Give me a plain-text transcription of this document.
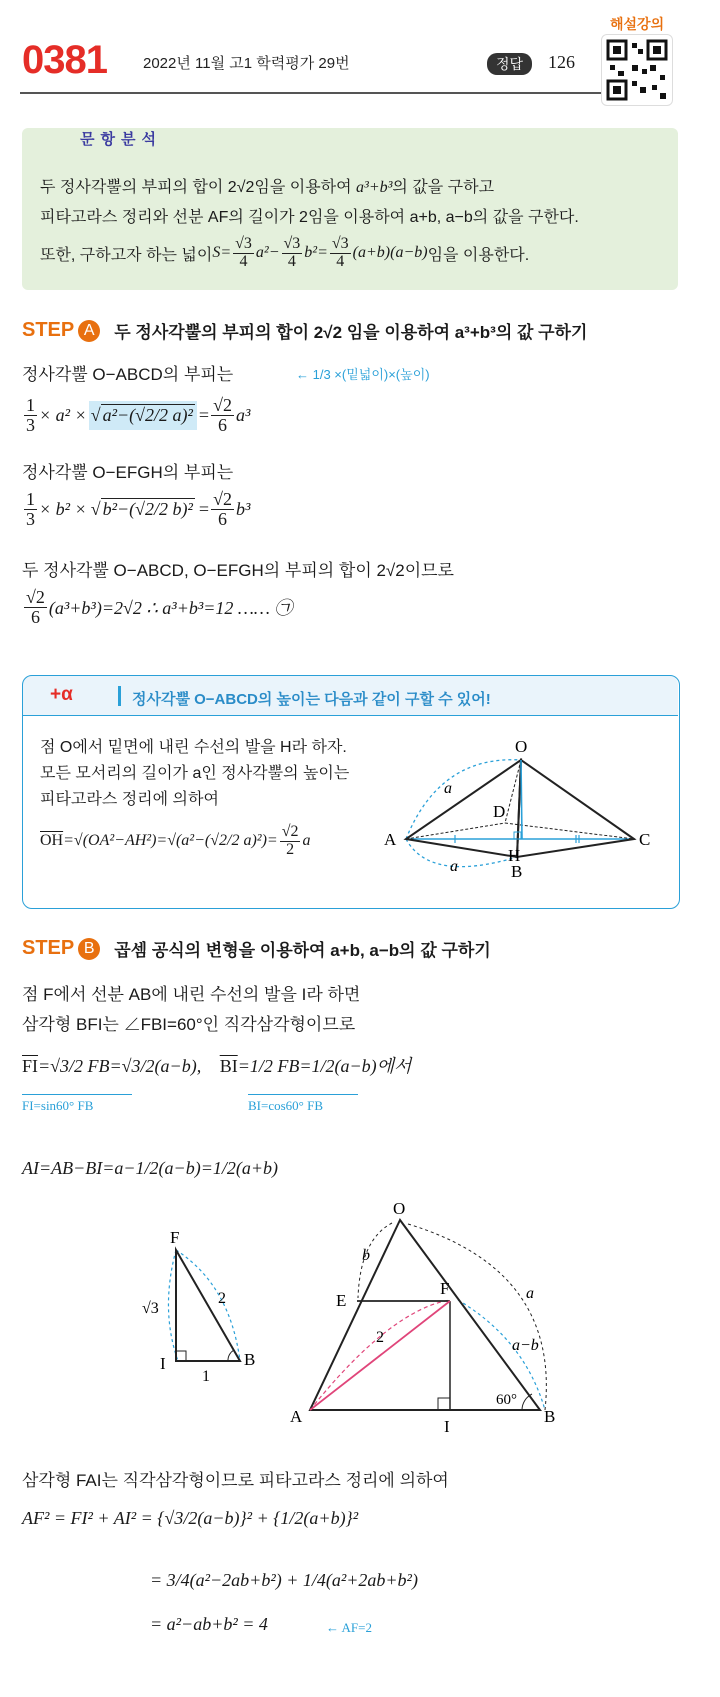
0381 2022년 11월 고1 학력평가 29번	정답	126
해설강의
문항분석
두 정사각뿔의 부피의 합이 2√2임을 이용하여 a³+b³의 값을 구하고
피타고라스 정리와 선분 AF의 길이가 2임을 이용하여 a+b, a−b의 값을 구한다.
또한, 구하고자 하는 넓이 $S= \frac{√3}{4} a^2- \frac{√3}{4} b^2= \frac{√3}{4} (a+b)(a-b)$ 임을 이용한다.
STEP A	두 정사각뿔의 부피의 합이 2√2 임을 이용하여 a³+b³의 값 구하기
정사각뿔 O−ABCD의 부피는	← 1/3 ×(밑넓이)×(높이)
$\frac{1}{3} \times a^2$ × √ a²−(√2/2 $a)^2 = \frac{√2}{6} a^3$
정사각뿔 O−EFGH의 부피는
$\frac{1}{3} \times b^2$ × √ b²−(√2/2 $b)^2 = \frac{√2}{6} b^3$
두 정사각뿔 O−ABCD, O−EFGH의 부피의 합이 2√2이므로
$\frac{√2}{6} (a^3+b^3)=2√2$ ∴ a³+b³=12 …… ㉠
+α	정사각뿔 O−ABCD의 높이는 다음과 같이 구할 수 있어!
점 O에서 밑면에 내린 수선의 발을 H라 하자.
모든 모서리의 길이가 a인 정사각뿔의 높이는
피타고라스 정리에 의하여
$\overline{OH} =√(OA^2-AH^2)=√(a^2-(√2/2$ $a)^2)= \frac{√2}{2}$ a
O
A
B
C
D
H
a
a
STEP B	곱셈 공식의 변형을 이용하여 a+b, a−b의 값 구하기
점 F에서 선분 AB에 내린 수선의 발을 I라 하면
삼각형 BFI는 ∠FBI=60°인 직각삼각형이므로
$\overline{FI}=√3/2$ FB=√3/2(a−b), $\overline{BI}=1/2$ FB=1/2(a−b)에서
FI=sin60° FB	BI=cos60° FB
AI=AB−BI=a−1/2(a−b)=1/2(a+b)
F
I	B
√3
2
1
O
E
F
A
I
B
b
a
a−b
2
60°
삼각형 FAI는 직각삼각형이므로 피타고라스 정리에 의하여
AF² = FI² + AI² = {√3/2(a−b)}² + {1/2(a+b)}²
= 3/4(a²−2ab+b²) + 1/4(a²+2ab+b²)
= a²−ab+b² = 4	← AF=2
